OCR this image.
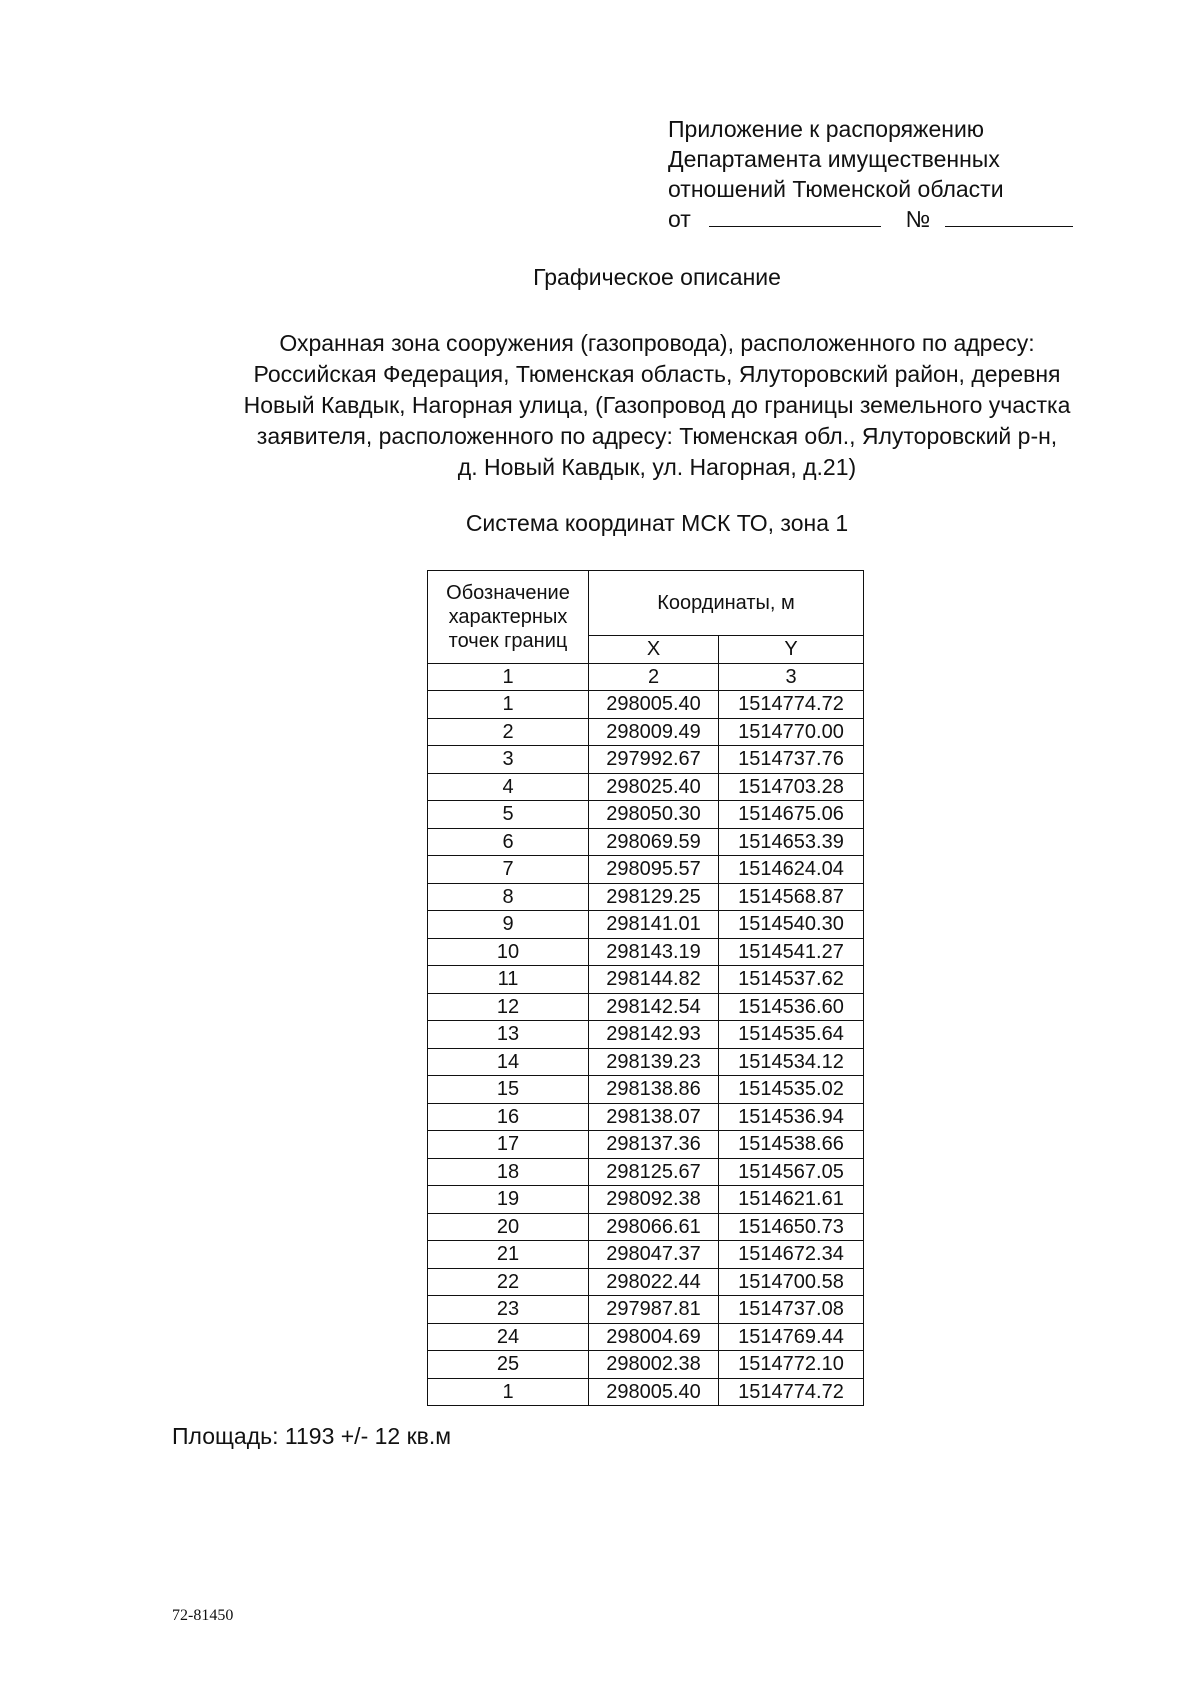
Приложение к распоряжению
Департамента имущественных
отношений Тюменской области
от	№
Графическое описание
Охранная зона сооружения (газопровода), расположенного по адресу:
Российская Федерация, Тюменская область, Ялуторовский район, деревня
Новый Кавдык, Нагорная улица, (Газопровод до границы земельного участка
заявителя, расположенного по адресу: Тюменская обл., Ялуторовский р-н,
д. Новый Кавдык, ул. Нагорная, д.21)
Система координат МСК ТО, зона 1
Обозначение
характерных
точек границ	Координаты, м	
	X	Y
1	2	3
1	298005.40	1514774.72
2	298009.49	1514770.00
3	297992.67	1514737.76
4	298025.40	1514703.28
5	298050.30	1514675.06
6	298069.59	1514653.39
7	298095.57	1514624.04
8	298129.25	1514568.87
9	298141.01	1514540.30
10	298143.19	1514541.27
11	298144.82	1514537.62
12	298142.54	1514536.60
13	298142.93	1514535.64
14	298139.23	1514534.12
15	298138.86	1514535.02
16	298138.07	1514536.94
17	298137.36	1514538.66
18	298125.67	1514567.05
19	298092.38	1514621.61
20	298066.61	1514650.73
21	298047.37	1514672.34
22	298022.44	1514700.58
23	297987.81	1514737.08
24	298004.69	1514769.44
25	298002.38	1514772.10
1	298005.40	1514774.72
Площадь: 1193 +/- 12 кв.м
72-81450
